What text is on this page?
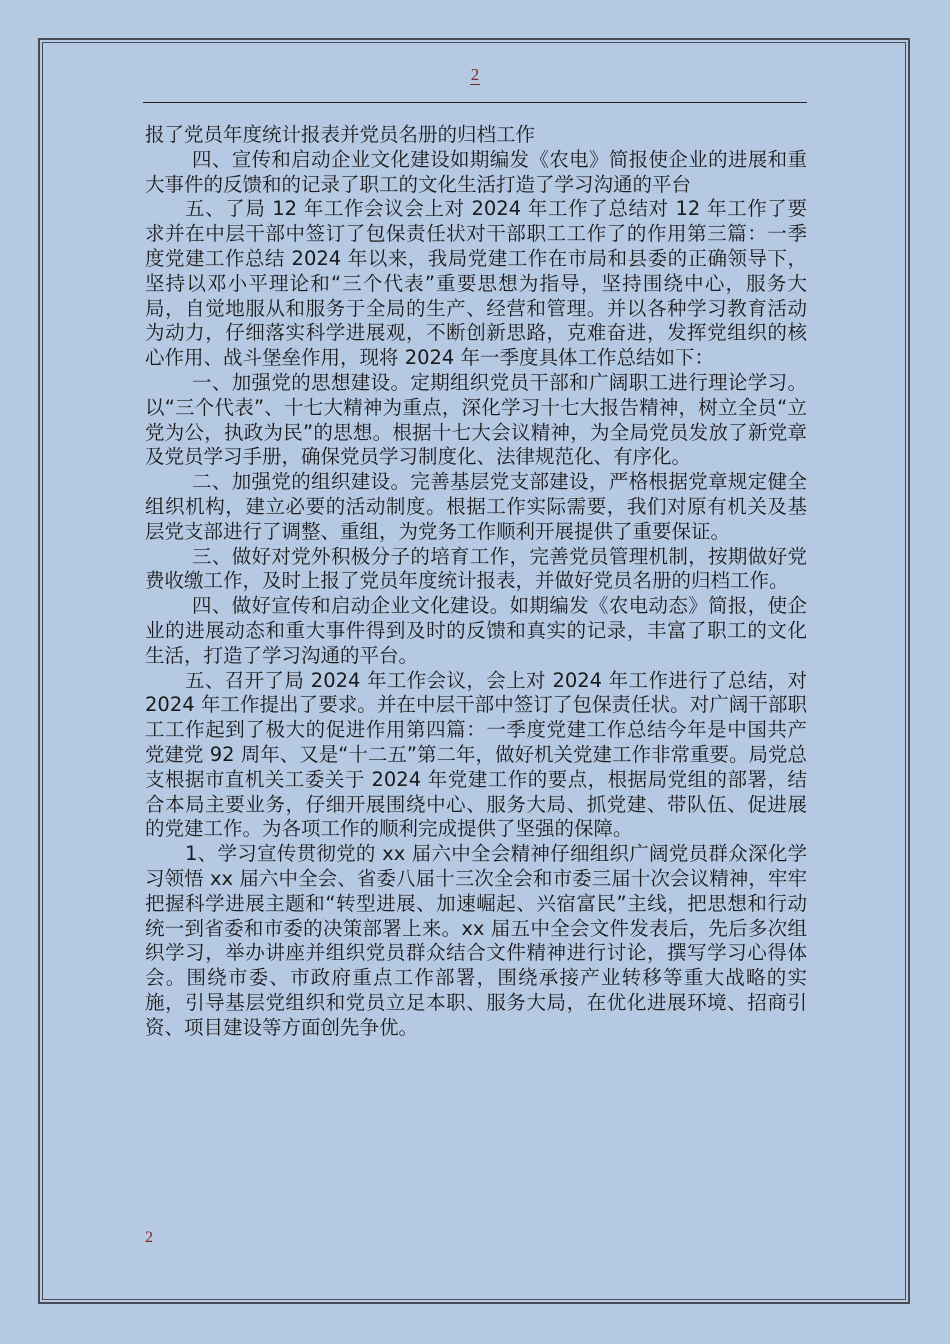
2

报了党员年度统计报表并党员名册的归档工作

四、宣传和启动企业文化建设如期编发《农电》简报使企业的进展和重大事件的反馈和的记录了职工的文化生活打造了学习沟通的平台

五、了局 12 年工作会议会上对 2024 年工作了总结对 12 年工作了要求并在中层干部中签订了包保责任状对干部职工工作了的作用第三篇：一季度党建工作总结 2024 年以来，我局党建工作在市局和县委的正确领导下，坚持以邓小平理论和“三个代表”重要思想为指导，坚持围绕中心，服务大局，自觉地服从和服务于全局的生产、经营和管理。并以各种学习教育活动为动力，仔细落实科学进展观，不断创新思路，克难奋进，发挥党组织的核心作用、战斗堡垒作用，现将 2024 年一季度具体工作总结如下：

一、加强党的思想建设。定期组织党员干部和广阔职工进行理论学习。以“三个代表”、十七大精神为重点，深化学习十七大报告精神，树立全员“立党为公，执政为民”的思想。根据十七大会议精神，为全局党员发放了新党章及党员学习手册，确保党员学习制度化、法律规范化、有序化。

二、加强党的组织建设。完善基层党支部建设，严格根据党章规定健全组织机构，建立必要的活动制度。根据工作实际需要，我们对原有机关及基层党支部进行了调整、重组，为党务工作顺利开展提供了重要保证。

三、做好对党外积极分子的培育工作，完善党员管理机制，按期做好党费收缴工作，及时上报了党员年度统计报表，并做好党员名册的归档工作。

四、做好宣传和启动企业文化建设。如期编发《农电动态》简报，使企业的进展动态和重大事件得到及时的反馈和真实的记录，丰富了职工的文化生活，打造了学习沟通的平台。

五、召开了局 2024 年工作会议，会上对 2024 年工作进行了总结，对 2024 年工作提出了要求。并在中层干部中签订了包保责任状。对广阔干部职工工作起到了极大的促进作用第四篇：一季度党建工作总结今年是中国共产党建党 92 周年、又是“十二五”第二年，做好机关党建工作非常重要。局党总支根据市直机关工委关于 2024 年党建工作的要点，根据局党组的部署，结合本局主要业务，仔细开展围绕中心、服务大局、抓党建、带队伍、促进展的党建工作。为各项工作的顺利完成提供了坚强的保障。

1、学习宣传贯彻党的 xx 届六中全会精神仔细组织广阔党员群众深化学习领悟 xx 届六中全会、省委八届十三次全会和市委三届十次会议精神，牢牢把握科学进展主题和“转型进展、加速崛起、兴宿富民”主线，把思想和行动统一到省委和市委的决策部署上来。xx 届五中全会文件发表后，先后多次组织学习，举办讲座并组织党员群众结合文件精神进行讨论，撰写学习心得体会。围绕市委、市政府重点工作部署，围绕承接产业转移等重大战略的实施，引导基层党组织和党员立足本职、服务大局，在优化进展环境、招商引资、项目建设等方面创先争优。

2
